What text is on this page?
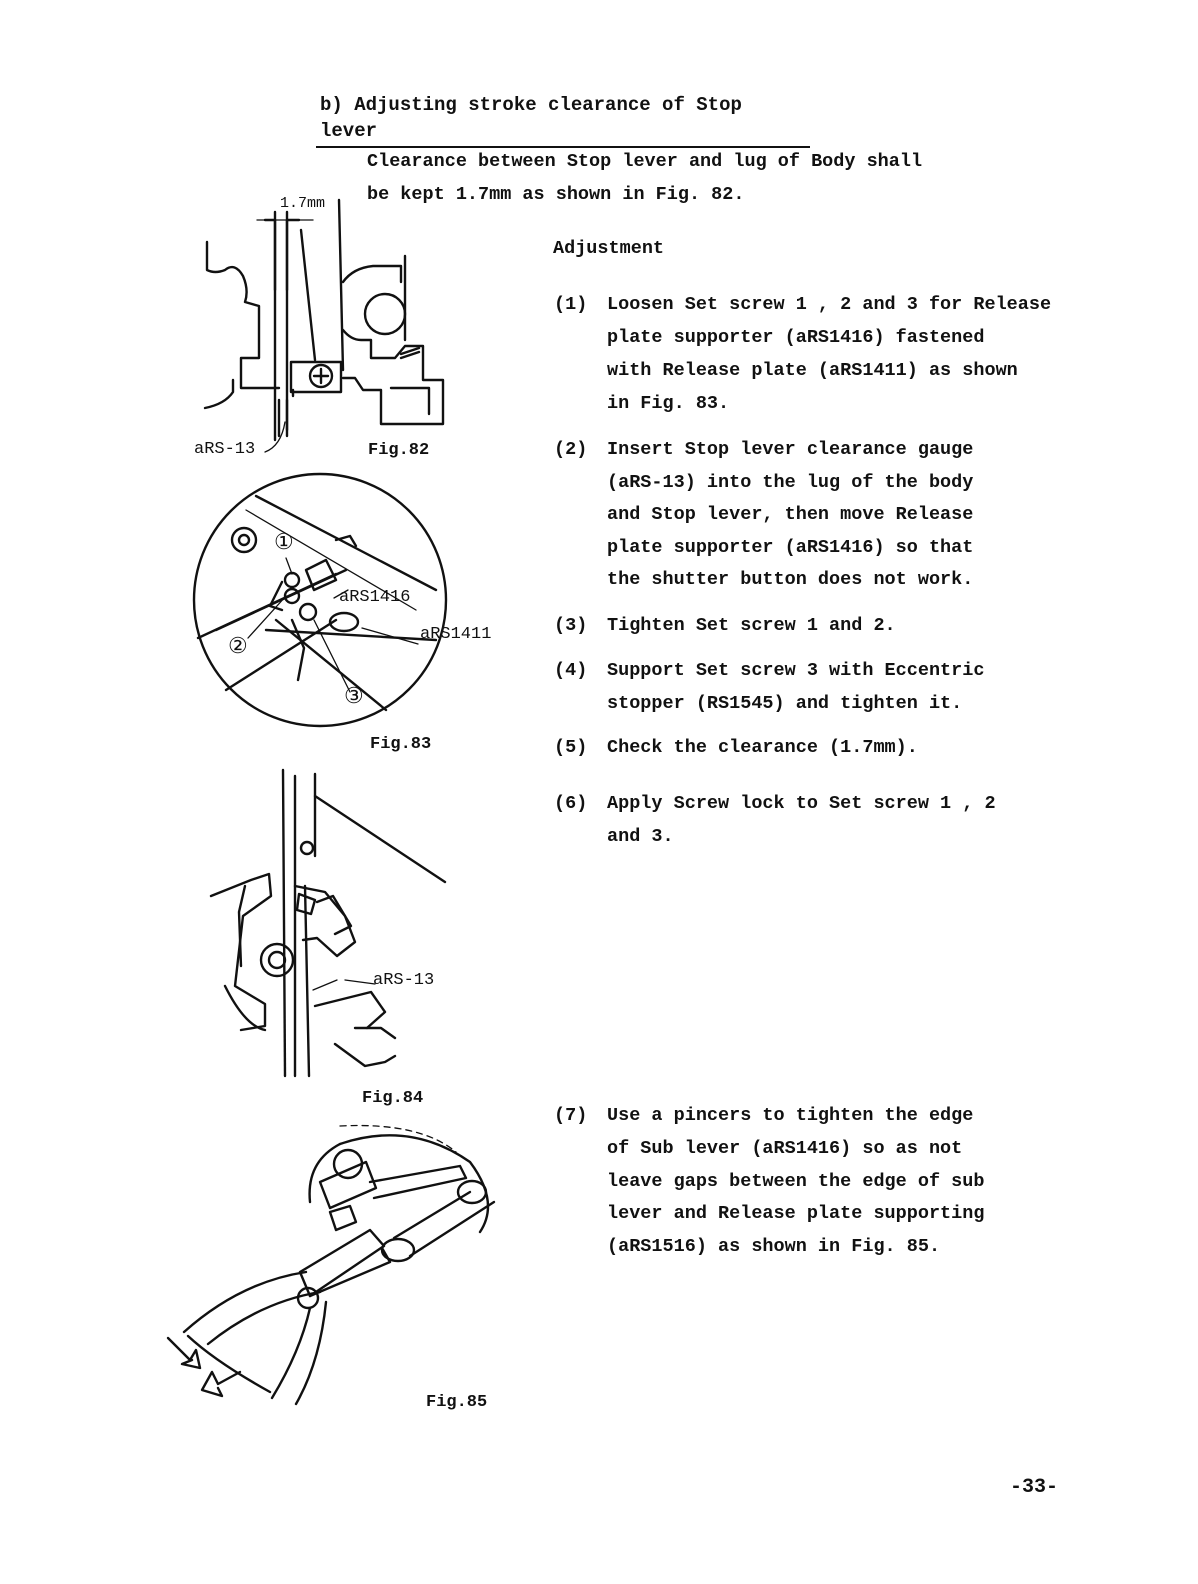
b) Adjusting stroke clearance of Stop lever
Clearance between Stop lever and lug of Body shall
be kept 1.7mm as shown in Fig. 82.
Adjustment
(1) Loosen Set screw 1 , 2 and 3 for Release
plate supporter (aRS1416) fastened
with Release plate (aRS1411) as shown
in Fig. 83.
(2) Insert Stop lever clearance gauge
(aRS-13) into the lug of the body
and Stop lever, then move Release
plate supporter (aRS1416) so that
the shutter button does not work.
(3) Tighten Set screw 1 and 2.
(4) Support Set screw 3 with Eccentric
stopper (RS1545) and tighten it.
(5) Check the clearance (1.7mm).
(6) Apply Screw lock to Set screw 1 , 2
and 3.
(7) Use a pincers to tighten the edge
of Sub lever (aRS1416) so as not
leave gaps between the edge of sub
lever and Release plate supporting
(aRS1516) as shown in Fig. 85.
1.7mm
aRS-13	Fig.82
①
②
③
aRS1416
aRS1411
Fig.83
aRS-13
Fig.84
Fig.85
-33-
